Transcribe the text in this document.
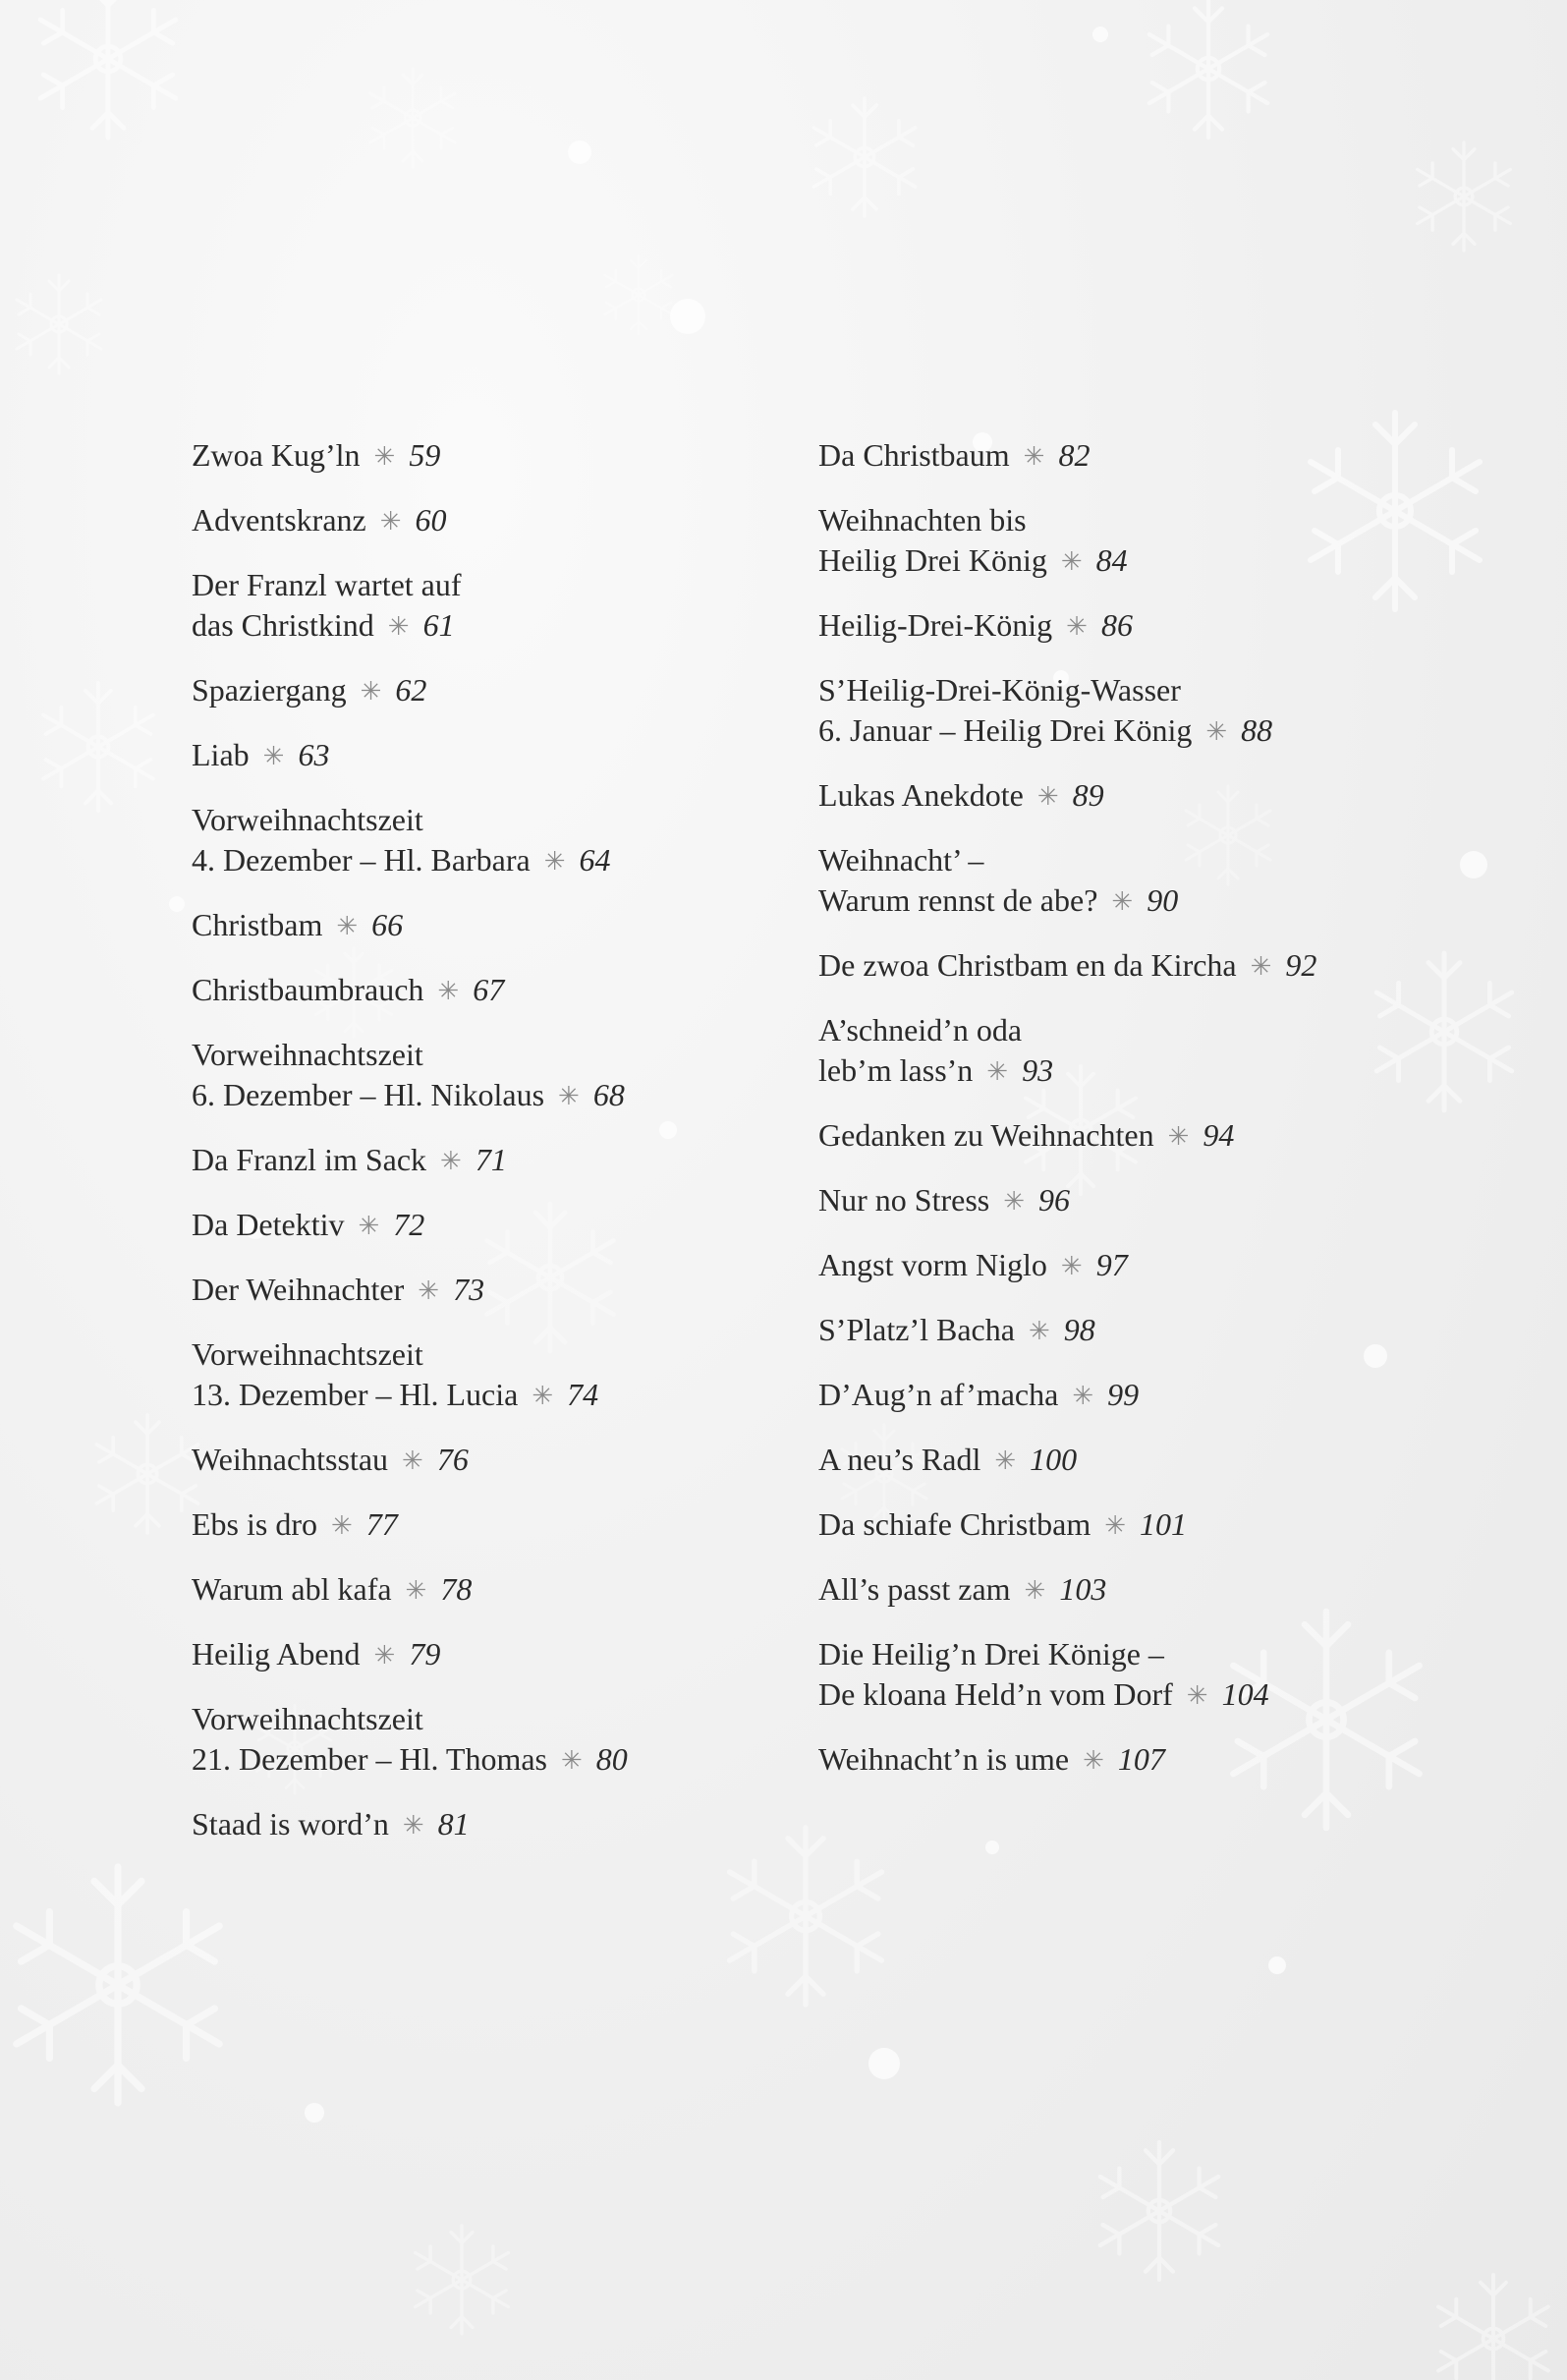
Zwoa Kug’ln ✳ 59
Adventskranz ✳ 60
Der Franzl wartet auf
das Christkind ✳ 61
Spaziergang ✳ 62
Liab ✳ 63
Vorweihnachtszeit
4. Dezember – Hl. Barbara ✳ 64
Christbam ✳ 66
Christbaumbrauch ✳ 67
Vorweihnachtszeit
6. Dezember – Hl. Nikolaus ✳ 68
Da Franzl im Sack ✳ 71
Da Detektiv ✳ 72
Der Weihnachter ✳ 73
Vorweihnachtszeit
13. Dezember – Hl. Lucia ✳ 74
Weihnachtsstau ✳ 76
Ebs is dro ✳ 77
Warum abl kafa ✳ 78
Heilig Abend ✳ 79
Vorweihnachtszeit
21. Dezember – Hl. Thomas ✳ 80
Staad is word’n ✳ 81
Da Christbaum ✳ 82
Weihnachten bis
Heilig Drei König ✳ 84
Heilig-Drei-König ✳ 86
S’Heilig-Drei-König-Wasser
6. Januar – Heilig Drei König ✳ 88
Lukas Anekdote ✳ 89
Weihnacht’ –
Warum rennst de abe? ✳ 90
De zwoa Christbam en da Kircha ✳ 92
A’schneid’n oda
leb’m lass’n ✳ 93
Gedanken zu Weihnachten ✳ 94
Nur no Stress ✳ 96
Angst vorm Niglo ✳ 97
S’Platz’l Bacha ✳ 98
D’Aug’n af’macha ✳ 99
A neu’s Radl ✳ 100
Da schiafe Christbam ✳ 101
All’s passt zam ✳ 103
Die Heilig’n Drei Könige –
De kloana Held’n vom Dorf ✳ 104
Weihnacht’n is ume ✳ 107
